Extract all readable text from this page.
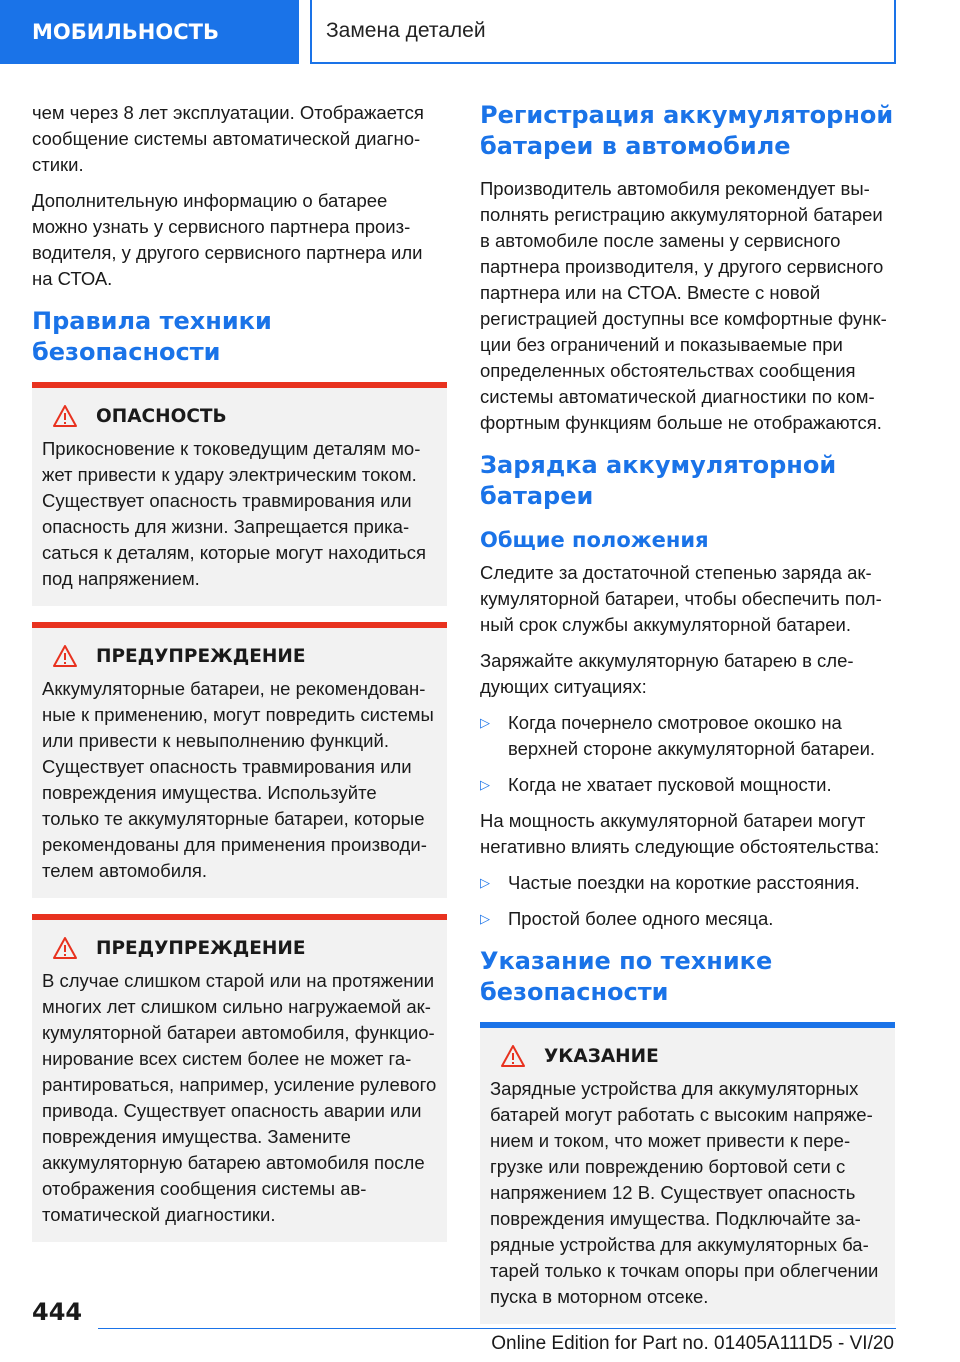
МОБИЛЬНОСТЬ	Замена деталей

чем через 8 лет эксплуатации. Отображается сообщение системы автоматической диагностики.

Дополнительную информацию о батарее можно узнать у сервисного партнера производителя, у другого сервисного партнера или на СТОА.

Правила техники безопасности
ОПАСНОСТЬ

Прикосновение к токоведущим деталям может привести к удару электрическим током. Существует опасность травмирования или опасность для жизни. Запрещается прикасаться к деталям, которые могут находиться под напряжением.

ПРЕДУПРЕЖДЕНИЕ

Аккумуляторные батареи, не рекомендованные к применению, могут повредить системы или привести к невыполнению функций. Существует опасность травмирования или повреждения имущества. Используйте только те аккумуляторные батареи, которые рекомендованы для применения производителем автомобиля.

ПРЕДУПРЕЖДЕНИЕ

В случае слишком старой или на протяжении многих лет слишком сильно нагружаемой аккумуляторной батареи автомобиля, функционирование всех систем более не может гарантироваться, например, усиление рулевого привода. Существует опасность аварии или повреждения имущества. Замените аккумуляторную батарею автомобиля после отображения сообщения системы автоматической диагностики.

Регистрация аккумуляторной батареи в автомобиле

Производитель автомобиля рекомендует выполнять регистрацию аккумуляторной батареи в автомобиле после замены у сервисного партнера производителя, у другого сервисного партнера или на СТОА. Вместе с новой регистрацией доступны все комфортные функции без ограничений и показываемые при определенных обстоятельствах сообщения системы автоматической диагностики по комфортным функциям больше не отображаются.

Зарядка аккумуляторной батареи
Общие положения

Следите за достаточной степенью заряда аккумуляторной батареи, чтобы обеспечить полный срок службы аккумуляторной батареи.

Заряжайте аккумуляторную батарею в следующих ситуациях:

▷ Когда почернело смотровое окошко на верхней стороне аккумуляторной батареи.
▷ Когда не хватает пусковой мощности.

На мощность аккумуляторной батареи могут негативно влиять следующие обстоятельства:

▷ Частые поездки на короткие расстояния.
▷ Простой более одного месяца.
Указание по технике безопасности
УКАЗАНИЕ

Зарядные устройства для аккумуляторных батарей могут работать с высоким напряжением и током, что может привести к перегрузке или повреждению бортовой сети с напряжением 12 В. Существует опасность повреждения имущества. Подключайте зарядные устройства для аккумуляторных батарей только к точкам опоры при облегчении пуска в моторном отсеке.

444
Online Edition for Part no. 01405A111D5 - VI/20
